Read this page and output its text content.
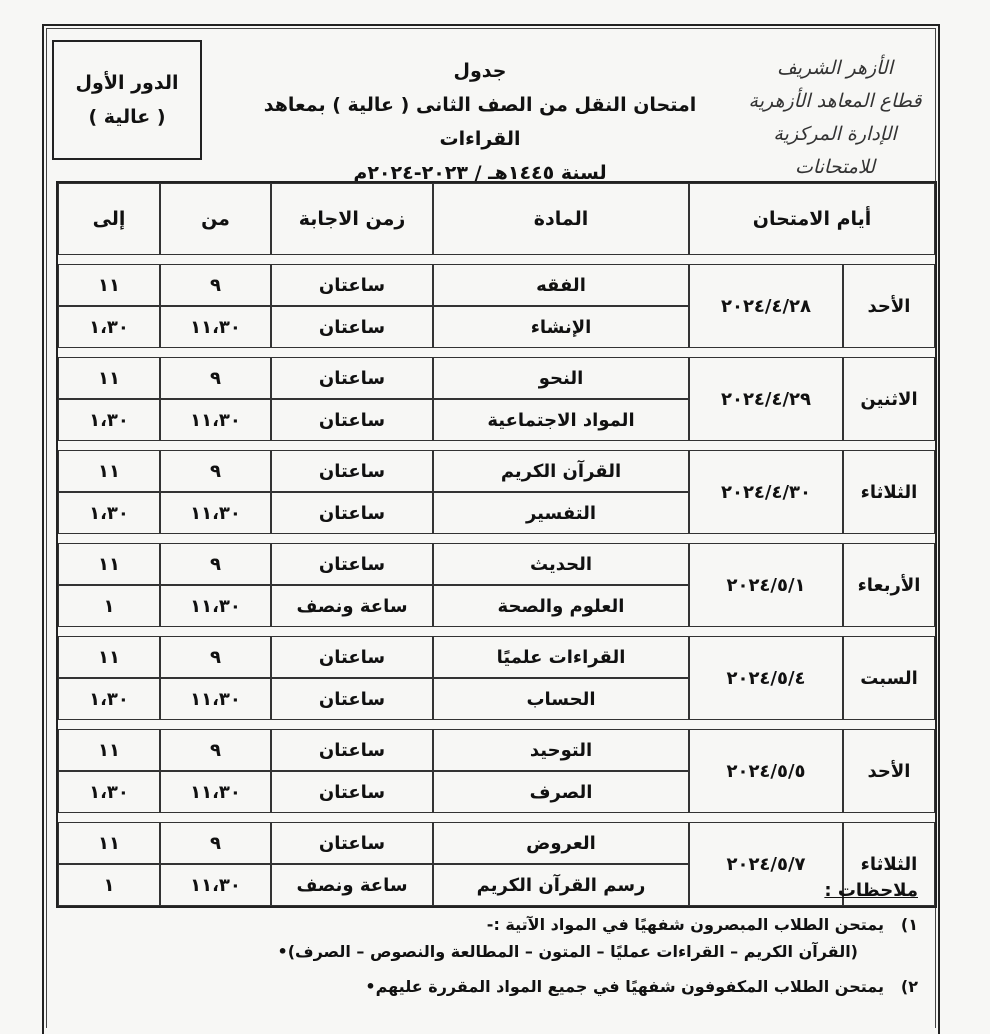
الدور الأول
( عالية )
جدول
امتحان النقل من الصف الثانى ( عالية ) بمعاهد القراءات
لسنة ١٤٤٥هـ / ٢٠٢٣-٢٠٢٤م
الأزهر الشريف
قطاع المعاهد الأزهرية
الإدارة المركزية للامتحانات
أيام الامتحان		المادة	زمن الاجابة	من	إلى

الأحد	٢٠٢٤/٤/٢٨	الفقه	ساعتان	٩	١١
		الإنشاء	ساعتان	١١،٣٠	١،٣٠

الاثنين	٢٠٢٤/٤/٢٩	النحو	ساعتان	٩	١١
		المواد الاجتماعية	ساعتان	١١،٣٠	١،٣٠

الثلاثاء	٢٠٢٤/٤/٣٠	القرآن الكريم	ساعتان	٩	١١
		التفسير	ساعتان	١١،٣٠	١،٣٠

الأربعاء	٢٠٢٤/٥/١	الحديث	ساعتان	٩	١١
		العلوم والصحة	ساعة ونصف	١١،٣٠	١

السبت	٢٠٢٤/٥/٤	القراءات علميًا	ساعتان	٩	١١
		الحساب	ساعتان	١١،٣٠	١،٣٠

الأحد	٢٠٢٤/٥/٥	التوحيد	ساعتان	٩	١١
		الصرف	ساعتان	١١،٣٠	١،٣٠

الثلاثاء	٢٠٢٤/٥/٧	العروض	ساعتان	٩	١١
		رسم القرآن الكريم	ساعة ونصف	١١،٣٠	١	ملاحظات :
١)
يمتحن الطلاب المبصرون شفهيًا في المواد الآتية :-
(القرآن الكريم – القراءات عمليًا – المتون – المطالعة والنصوص – الصرف)•
٢)
يمتحن الطلاب المكفوفون شفهيًا في جميع المواد المقررة عليهم•
